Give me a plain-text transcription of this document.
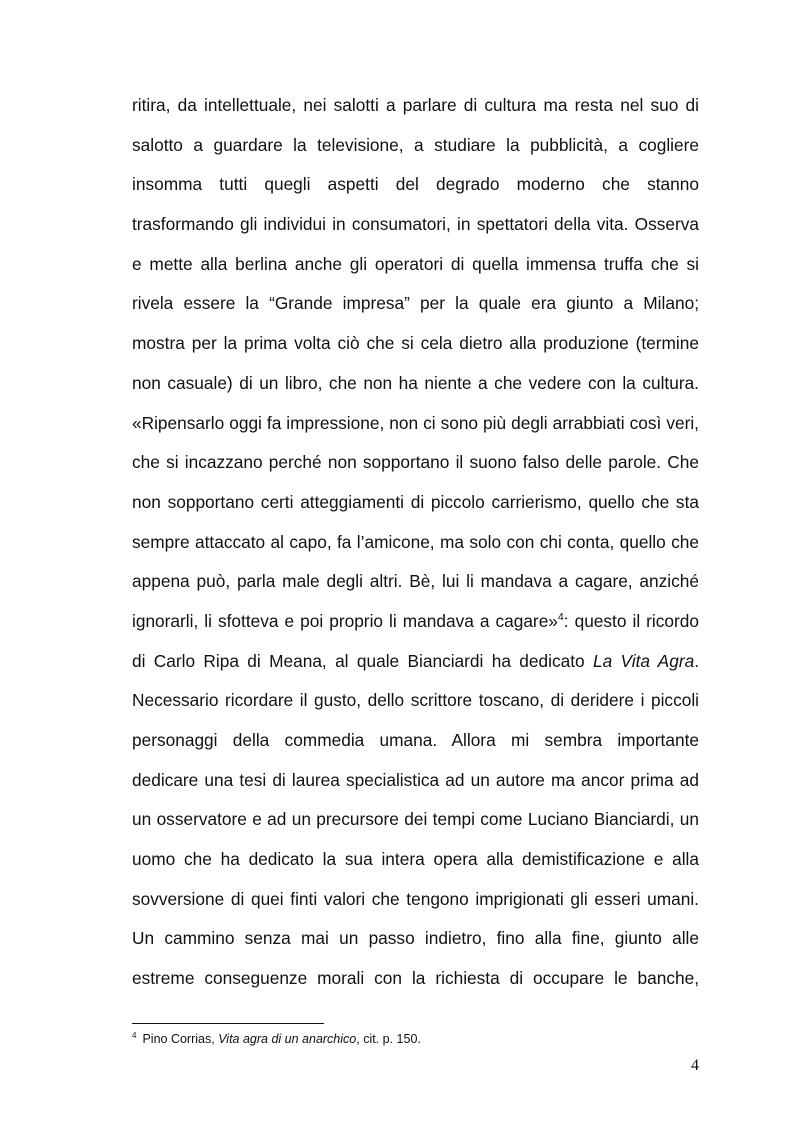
ritira, da intellettuale, nei salotti a parlare di cultura ma resta nel suo di
salotto a guardare la televisione, a studiare la pubblicità, a cogliere
insomma tutti quegli aspetti del degrado moderno che stanno
trasformando gli individui in consumatori, in spettatori della vita. Osserva
e mette alla berlina anche gli operatori di quella immensa truffa che si
rivela essere la “Grande impresa” per la quale era giunto a Milano;
mostra per la prima volta ciò che si cela dietro alla produzione (termine
non casuale) di un libro, che non ha niente a che vedere con la cultura.
«Ripensarlo oggi fa impressione, non ci sono più degli arrabbiati così veri,
che si incazzano perché non sopportano il suono falso delle parole. Che
non sopportano certi atteggiamenti di piccolo carrierismo, quello che sta
sempre attaccato al capo, fa l’amicone, ma solo con chi conta, quello che
appena può, parla male degli altri. Bè, lui li mandava a cagare, anziché
ignorarli, li sfotteva e poi proprio li mandava a cagare»$^4$: questo il ricordo
di Carlo Ripa di Meana, al quale Bianciardi ha dedicato La Vita Agra.
Necessario ricordare il gusto, dello scrittore toscano, di deridere i piccoli
personaggi della commedia umana. Allora mi sembra importante
dedicare una tesi di laurea specialistica ad un autore ma ancor prima ad
un osservatore e ad un precursore dei tempi come Luciano Bianciardi, un
uomo che ha dedicato la sua intera opera alla demistificazione e alla
sovversione di quei finti valori che tengono imprigionati gli esseri umani.
Un cammino senza mai un passo indietro, fino alla fine, giunto alle
estreme conseguenze morali con la richiesta di occupare le banche,
$^4$ Pino Corrias, Vita agra di un anarchico, cit. p. 150.
4
